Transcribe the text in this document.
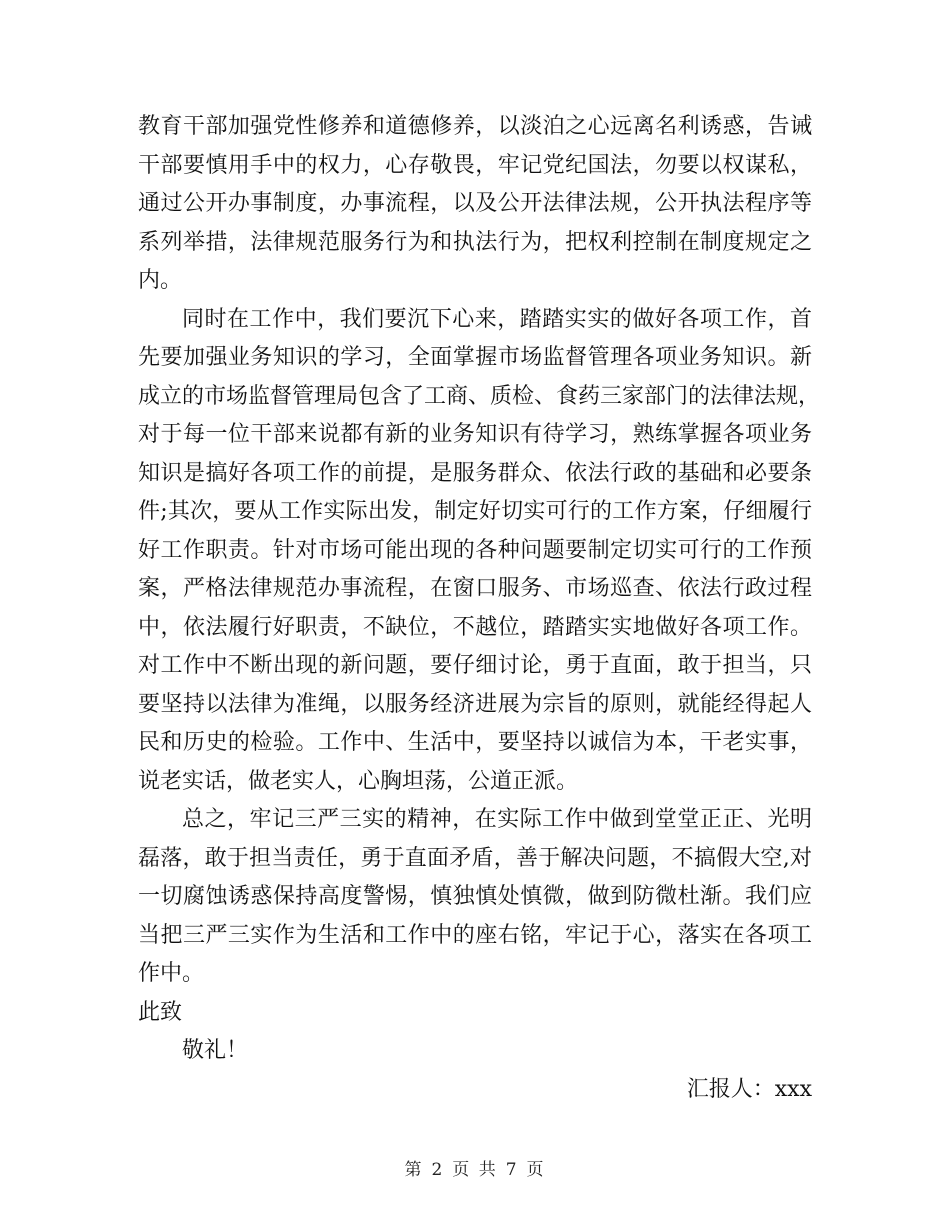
教育干部加强党性修养和道德修养，以淡泊之心远离名利诱惑，告诫
干部要慎用手中的权力，心存敬畏，牢记党纪国法，勿要以权谋私，
通过公开办事制度，办事流程，以及公开法律法规，公开执法程序等
系列举措，法律规范服务行为和执法行为，把权利控制在制度规定之
内。
同时在工作中，我们要沉下心来，踏踏实实的做好各项工作，首
先要加强业务知识的学习，全面掌握市场监督管理各项业务知识。新
成立的市场监督管理局包含了工商、质检、食药三家部门的法律法规，
对于每一位干部来说都有新的业务知识有待学习，熟练掌握各项业务
知识是搞好各项工作的前提，是服务群众、依法行政的基础和必要条
件;其次，要从工作实际出发，制定好切实可行的工作方案，仔细履行
好工作职责。针对市场可能出现的各种问题要制定切实可行的工作预
案，严格法律规范办事流程，在窗口服务、市场巡查、依法行政过程
中，依法履行好职责，不缺位，不越位，踏踏实实地做好各项工作。
对工作中不断出现的新问题，要仔细讨论，勇于直面，敢于担当，只
要坚持以法律为准绳，以服务经济进展为宗旨的原则，就能经得起人
民和历史的检验。工作中、生活中，要坚持以诚信为本，干老实事，
说老实话，做老实人，心胸坦荡，公道正派。
总之，牢记三严三实的精神，在实际工作中做到堂堂正正、光明
磊落，敢于担当责任，勇于直面矛盾，善于解决问题，不搞假大空,对
一切腐蚀诱惑保持高度警惕，慎独慎处慎微，做到防微杜渐。我们应
当把三严三实作为生活和工作中的座右铭，牢记于心，落实在各项工
作中。
此致
敬礼！
汇报人：xxx
第 2 页 共 7 页
